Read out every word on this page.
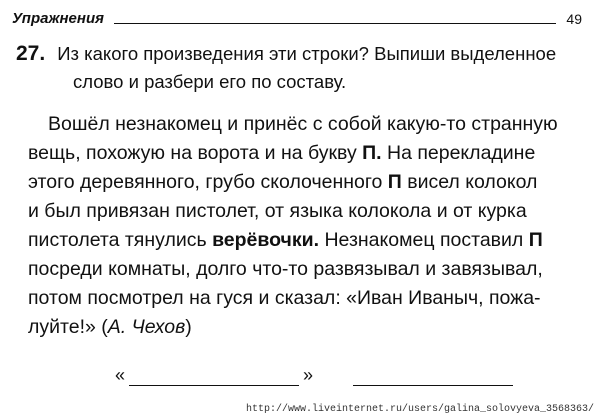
Упражнения	49
27. Из какого произведения эти строки? Выпиши выделенное
слово и разбери его по составу.
Вошёл незнакомец и принёс с собой какую-то странную
вещь, похожую на ворота и на букву П. На перекладине
этого деревянного, грубо сколоченного П висел колокол
и был привязан пистолет, от языка колокола и от курка
пистолета тянулись верёвочки. Незнакомец поставил П
посреди комнаты, долго что-то развязывал и завязывал,
потом посмотрел на гуся и сказал: «Иван Иваныч, пожа-
луйте!» (А. Чехов)
«	»
http://www.liveinternet.ru/users/galina_solovyeva_3568363/
